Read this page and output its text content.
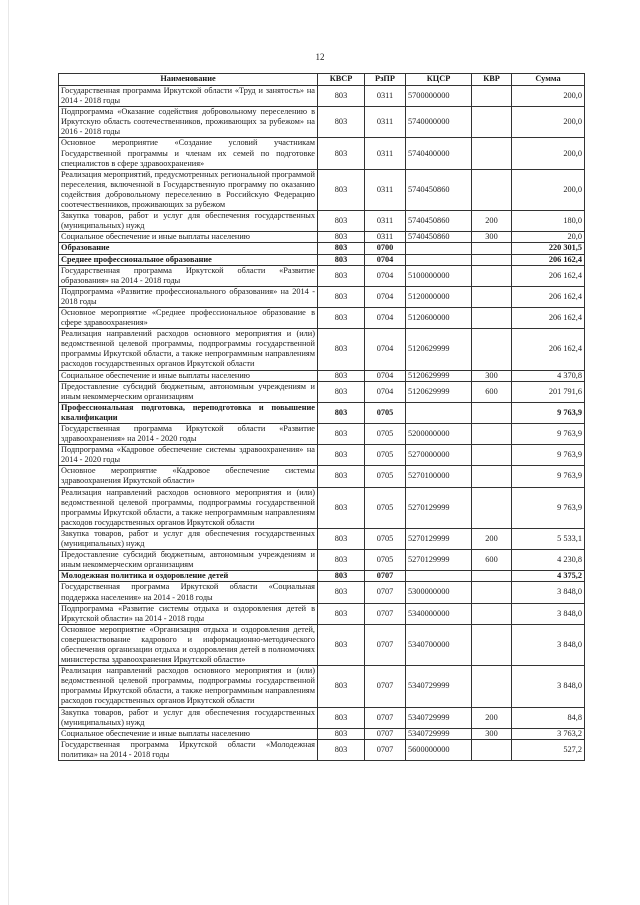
12
Наименование	КВСР	РзПР	КЦСР	КВР	Сумма
Государственная программа Иркутской области «Труд и занятость» на 2014 - 2018 годы	803	0311	5700000000		200,0
Подпрограмма «Оказание содействия добровольному переселению в Иркутскую область соотечественников, проживающих за рубежом» на 2016 - 2018 годы	803	0311	5740000000		200,0
Основное мероприятие «Создание условий участникам Государственной программы и членам их семей по подготовке специалистов в сфере здравоохранения»	803	0311	5740400000		200,0
Реализация мероприятий, предусмотренных региональной программой переселения, включенной в Государственную программу по оказанию содействия добровольному переселению в Российскую Федерацию соотечественников, проживающих за рубежом	803	0311	5740450860		200,0
Закупка товаров, работ и услуг для обеспечения государственных (муниципальных) нужд	803	0311	5740450860	200	180,0
Социальное обеспечение и иные выплаты населению	803	0311	5740450860	300	20,0
Образование	803	0700			220 301,5
Среднее профессиональное образование	803	0704			206 162,4
Государственная программа Иркутской области «Развитие образования» на 2014 - 2018 годы	803	0704	5100000000		206 162,4
Подпрограмма «Развитие профессионального образования» на 2014 - 2018 годы	803	0704	5120000000		206 162,4
Основное мероприятие «Среднее профессиональное образование в сфере здравоохранения»	803	0704	5120600000		206 162,4
Реализация направлений расходов основного мероприятия и (или) ведомственной целевой программы, подпрограммы государственной программы Иркутской области, а также непрограммным направлениям расходов государственных органов Иркутской области	803	0704	5120629999		206 162,4
Социальное обеспечение и иные выплаты населению	803	0704	5120629999	300	4 370,8
Предоставление субсидий бюджетным, автономным учреждениям и иным некоммерческим организациям	803	0704	5120629999	600	201 791,6
Профессиональная подготовка, переподготовка и повышение квалификации	803	0705			9 763,9
Государственная программа Иркутской области «Развитие здравоохранения» на 2014 - 2020 годы	803	0705	5200000000		9 763,9
Подпрограмма «Кадровое обеспечение системы здравоохранения» на 2014 - 2020 годы	803	0705	5270000000		9 763,9
Основное мероприятие «Кадровое обеспечение системы здравоохранения Иркутской области»	803	0705	5270100000		9 763,9
Реализация направлений расходов основного мероприятия и (или) ведомственной целевой программы, подпрограммы государственной программы Иркутской области, а также непрограммным направлениям расходов государственных органов Иркутской области	803	0705	5270129999		9 763,9
Закупка товаров, работ и услуг для обеспечения государственных (муниципальных) нужд	803	0705	5270129999	200	5 533,1
Предоставление субсидий бюджетным, автономным учреждениям и иным некоммерческим организациям	803	0705	5270129999	600	4 230,8
Молодежная политика и оздоровление детей	803	0707			4 375,2
Государственная программа Иркутской области «Социальная поддержка населения» на 2014 - 2018 годы	803	0707	5300000000		3 848,0
Подпрограмма «Развитие системы отдыха и оздоровления детей в Иркутской области» на 2014 - 2018 годы	803	0707	5340000000		3 848,0
Основное мероприятие «Организация отдыха и оздоровления детей, совершенствование кадрового и информационно-методического обеспечения организации отдыха и оздоровления детей в полномочиях министерства здравоохранения Иркутской области»	803	0707	5340700000		3 848,0
Реализация направлений расходов основного мероприятия и (или) ведомственной целевой программы, подпрограммы государственной программы Иркутской области, а также непрограммным направлениям расходов государственных органов Иркутской области	803	0707	5340729999		3 848,0
Закупка товаров, работ и услуг для обеспечения государственных (муниципальных) нужд	803	0707	5340729999	200	84,8
Социальное обеспечение и иные выплаты населению	803	0707	5340729999	300	3 763,2
Государственная программа Иркутской области «Молодежная политика» на 2014 - 2018 годы	803	0707	5600000000		527,2
